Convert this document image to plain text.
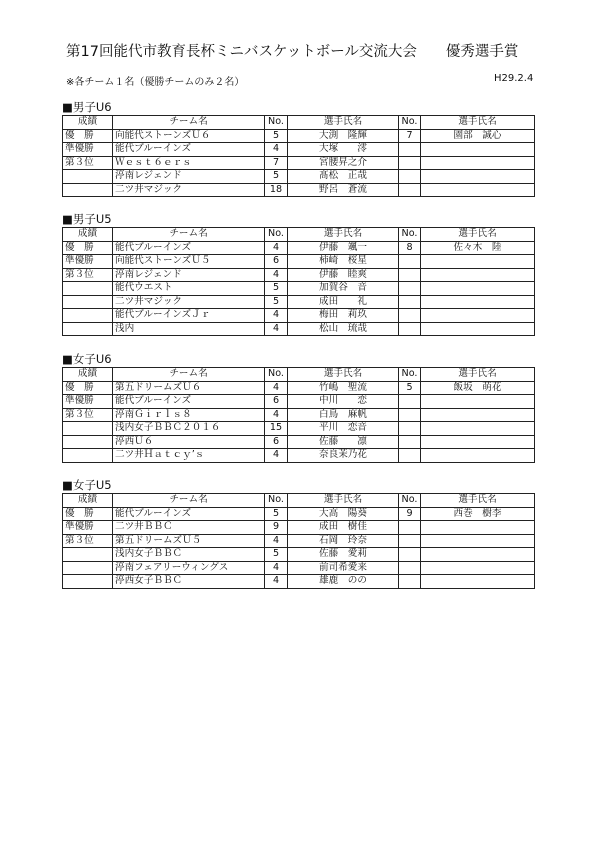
第17回能代市教育長杯ミニバスケットボール交流大会　　優秀選手賞
※各チーム１名（優勝チームのみ２名）	H29.2.4
■男子U6
成績	チーム名	No.	選手氏名	No.	選手氏名
優　勝	向能代ストーンズＵ６	5	大渕　隆輝	7	園部　誠心
準優勝	能代ブルーインズ	4	大塚　　澪		
第３位	Ｗｅｓｔ６ｅｒｓ	7	宮腰昇之介		
	渟南レジェンド	5	髙松　正哉		
	二ツ井マジック	18	野呂　蒼流		
■男子U5
成績	チーム名	No.	選手氏名	No.	選手氏名
優　勝	能代ブルーインズ	4	伊藤　颯一	8	佐々木　陸
準優勝	向能代ストーンズＵ５	6	柿崎　桜星		
第３位	渟南レジェンド	4	伊藤　睦爽		
	能代ウエスト	5	加賀谷　音		
	二ツ井マジック	5	成田　　礼		
	能代ブルーインズＪｒ	4	梅田　莉玖		
	浅内	4	松山　琉哉		
■女子U6
成績	チーム名	No.	選手氏名	No.	選手氏名
優　勝	第五ドリームズＵ６	4	竹嶋　聖流	5	飯坂　萌花
準優勝	能代ブルーインズ	6	中川　　恋		
第３位	渟南Ｇｉｒｌｓ８	4	白鳥　麻帆		
	浅内女子ＢＢＣ２０１６	15	平川　恋音		
	渟西Ｕ６	6	佐藤　　凛		
	二ツ井Ｈａｔｃｙ’ｓ	4	奈良茉乃花		
■女子U5
成績	チーム名	No.	選手氏名	No.	選手氏名
優　勝	能代ブルーインズ	5	大高　陽葵	9	西巻　樹李
準優勝	二ツ井ＢＢＣ	9	成田　樹佳		
第３位	第五ドリームズＵ５	4	石岡　玲奈		
	浅内女子ＢＢＣ	5	佐藤　愛莉		
	渟南フェアリーウィングス	4	前司希愛来		
	渟西女子ＢＢＣ	4	雄鹿　のの		
